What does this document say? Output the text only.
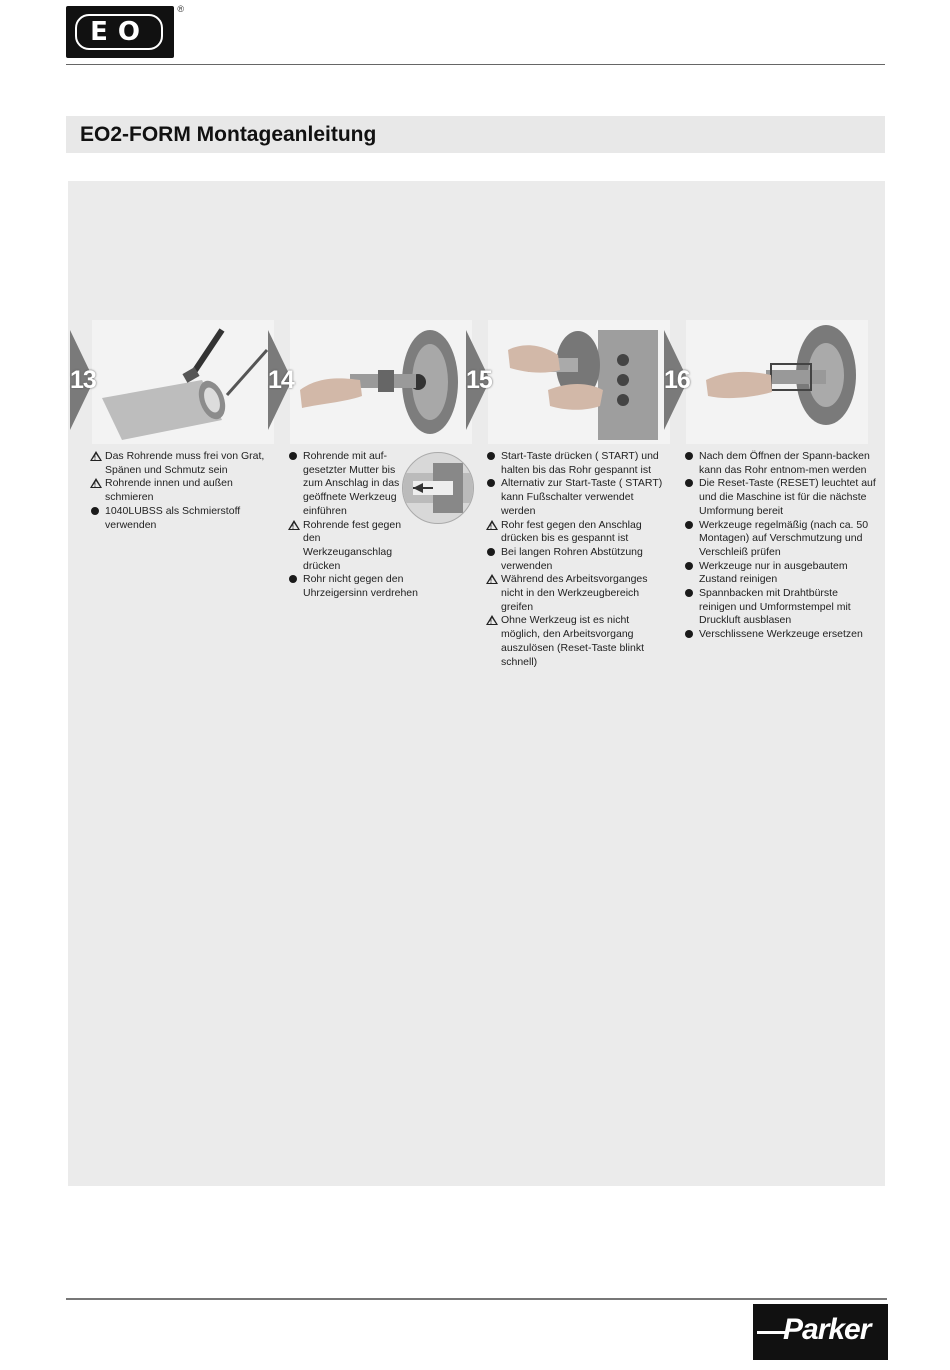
EO
®
EO2-FORM Montageanleitung
13
!
Das Rohrende muss frei von Grat, Spänen und Schmutz sein
!
Rohrende innen und außen schmieren
1040LUBSS als Schmierstoff verwenden
14
Rohrende mit auf-gesetzter Mutter bis zum Anschlag in das geöffnete Werkzeug einführen
!
Rohrende fest gegen den Werkzeuganschlag drücken
Rohr nicht gegen den Uhrzeigersinn verdrehen
15
Start-Taste drücken ( START) und halten bis das Rohr gespannt ist
Alternativ zur Start-Taste ( START) kann Fußschalter verwendet werden
!
Rohr fest gegen den Anschlag drücken bis es gespannt ist
Bei langen Rohren Abstützung verwenden
!
Während des Arbeitsvorganges nicht in den Werkzeugbereich greifen
!
Ohne Werkzeug ist es nicht möglich, den Arbeitsvorgang auszulösen (Reset-Taste blinkt schnell)
16
Nach dem Öffnen der Spann-backen kann das Rohr entnom-men werden
Die Reset-Taste (RESET) leuchtet auf und die Maschine ist für die nächste Umformung bereit
Werkzeuge regelmäßig (nach ca. 50 Montagen) auf Verschmutzung und Verschleiß prüfen
Werkzeuge nur in ausgebautem Zustand reinigen
Spannbacken mit Drahtbürste reinigen und Umformstempel mit Druckluft ausblasen
Verschlissene Werkzeuge ersetzen
Parker
